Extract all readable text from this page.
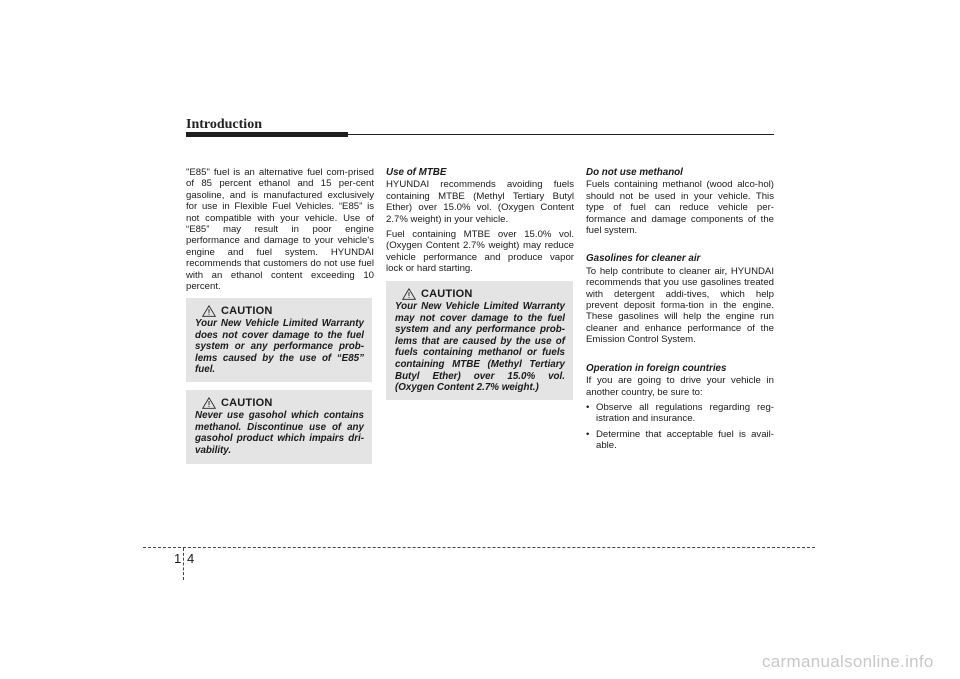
Introduction

"E85" fuel is an alternative fuel com-prised of 85 percent ethanol and 15 per-cent gasoline, and is manufactured exclusively for use in Flexible Fuel Vehicles. “E85” is not compatible with your vehicle. Use of “E85” may result in poor engine performance and damage to your vehicle's engine and fuel system. HYUNDAI recommends that customers do not use fuel with an ethanol content exceeding 10 percent.

CAUTION

Your New Vehicle Limited Warranty does not cover damage to the fuel system or any performance prob-lems caused by the use of “E85” fuel.

CAUTION

Never use gasohol which contains methanol. Discontinue use of any gasohol product which impairs dri-vability.

Use of MTBE

HYUNDAI recommends avoiding fuels containing MTBE (Methyl Tertiary Butyl Ether) over 15.0% vol. (Oxygen Content 2.7% weight) in your vehicle.

Fuel containing MTBE over 15.0% vol. (Oxygen Content 2.7% weight) may reduce vehicle performance and produce vapor lock or hard starting.

CAUTION

Your New Vehicle Limited Warranty may not cover damage to the fuel system and any performance prob-lems that are caused by the use of fuels containing methanol or fuels containing MTBE (Methyl Tertiary Butyl Ether) over 15.0% vol. (Oxygen Content 2.7% weight.)

Do not use methanol

Fuels containing methanol (wood alco-hol) should not be used in your vehicle. This type of fuel can reduce vehicle per-formance and damage components of the fuel system.

Gasolines for cleaner air

To help contribute to cleaner air, HYUNDAI recommends that you use gasolines treated with detergent addi-tives, which help prevent deposit forma-tion in the engine. These gasolines will help the engine run cleaner and enhance performance of the Emission Control System.

Operation in foreign countries

If you are going to drive your vehicle in another country, be sure to:

• Observe all regulations regarding reg-istration and insurance.
• Determine that acceptable fuel is avail-able.
1 4
carmanualsonline.info
